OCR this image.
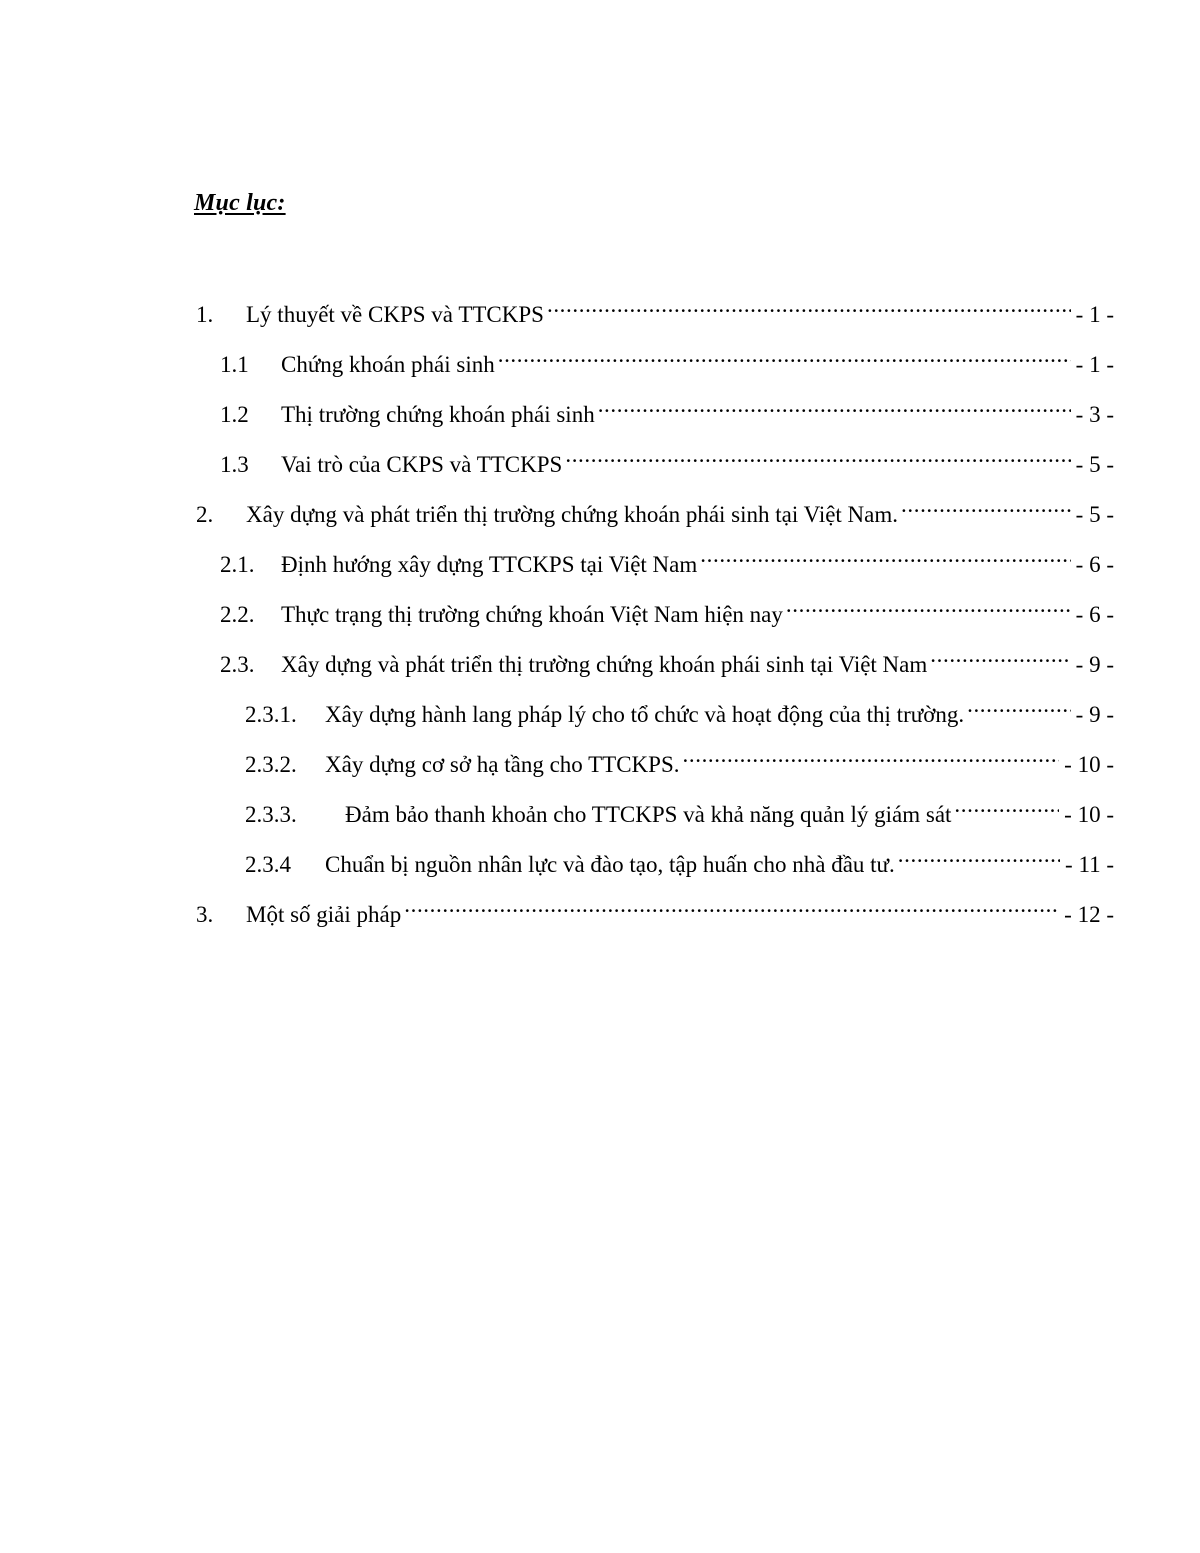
Mục lục:
1.	Lý thuyết về CKPS và TTCKPS .....	- 1 -
1.1	Chứng khoán phái sinh .....	- 1 -
1.2	Thị trường chứng khoán phái sinh .....	- 3 -
1.3	Vai trò của CKPS và TTCKPS .....	- 5 -
2.	Xây dựng và phát triển thị trường chứng khoán phái sinh tại Việt Nam. .....	- 5 -
2.1.	Định hướng xây dựng TTCKPS tại Việt Nam .....	- 6 -
2.2.	Thực trạng thị trường chứng khoán Việt Nam hiện nay .....	- 6 -
2.3.	Xây dựng và phát triển thị trường chứng khoán phái sinh tại Việt Nam .....	- 9 -
2.3.1.	Xây dựng hành lang pháp lý cho tổ chức và hoạt động của thị trường. .....	- 9 -
2.3.2.	Xây dựng cơ sở hạ tầng cho TTCKPS. .....	- 10 -
2.3.3.	Đảm bảo thanh khoản cho TTCKPS và khả năng quản lý giám sát .....	- 10 -
2.3.4	Chuẩn bị nguồn nhân lực và đào tạo, tập huấn cho nhà đầu tư. .....	- 11 -
3.	Một số giải pháp .....	- 12 -
